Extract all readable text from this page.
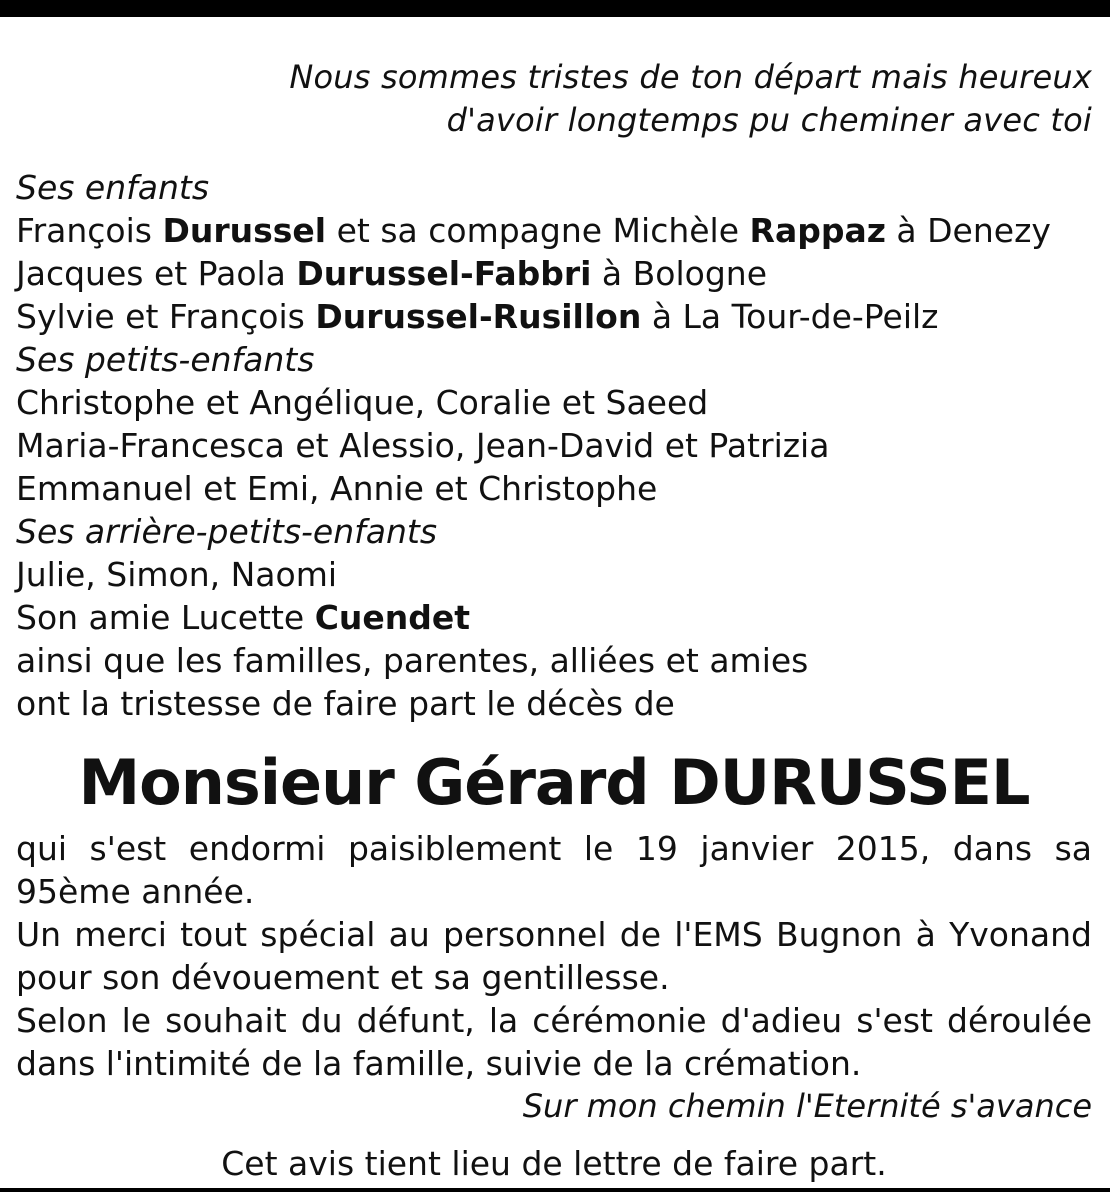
Nous sommes tristes de ton départ mais heureux
d'avoir longtemps pu cheminer avec toi
Ses enfants
François Durussel et sa compagne Michèle Rappaz à Denezy
Jacques et Paola Durussel-Fabbri à Bologne
Sylvie et François Durussel-Rusillon à La Tour-de-Peilz
Ses petits-enfants
Christophe et Angélique, Coralie et Saeed
Maria-Francesca et Alessio, Jean-David et Patrizia
Emmanuel et Emi, Annie et Christophe
Ses arrière-petits-enfants
Julie, Simon, Naomi
Son amie Lucette Cuendet
ainsi que les familles, parentes, alliées et amies
ont la tristesse de faire part le décès de
Monsieur Gérard DURUSSEL

qui s'est endormi paisiblement le 19 janvier 2015, dans sa 95ème année.

Un merci tout spécial au personnel de l'EMS Bugnon à Yvonand pour son dévouement et sa gentillesse.

Selon le souhait du défunt, la cérémonie d'adieu s'est déroulée dans l'intimité de la famille, suivie de la crémation.

Sur mon chemin l'Eternité s'avance
Cet avis tient lieu de lettre de faire part.
